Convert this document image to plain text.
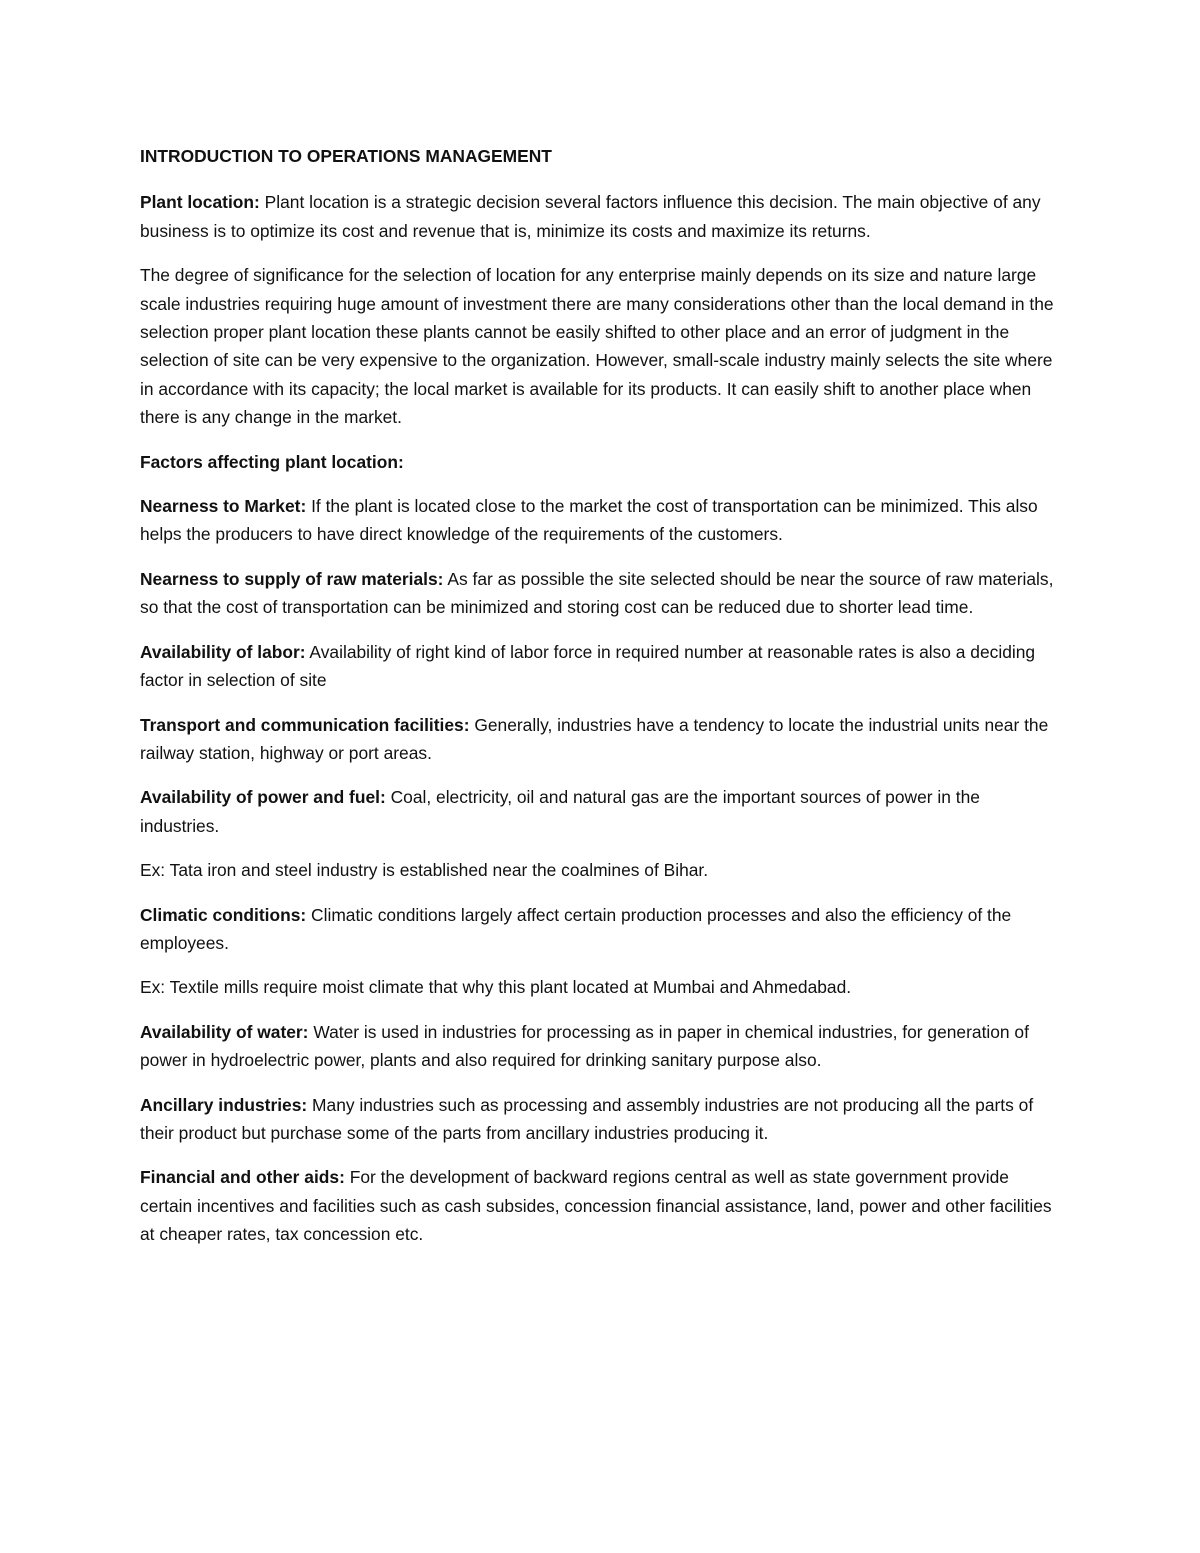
INTRODUCTION TO OPERATIONS MANAGEMENT

Plant location: Plant location is a strategic decision several factors influence this decision. The main objective of any business is to optimize its cost and revenue that is, minimize its costs and maximize its returns.

The degree of significance for the selection of location for any enterprise mainly depends on its size and nature large scale industries requiring huge amount of investment there are many considerations other than the local demand in the selection proper plant location these plants cannot be easily shifted to other place and an error of judgment in the selection of site can be very expensive to the organization. However, small-scale industry mainly selects the site where in accordance with its capacity; the local market is available for its products. It can easily shift to another place when there is any change in the market.

Factors affecting plant location:

Nearness to Market: If the plant is located close to the market the cost of transportation can be minimized. This also helps the producers to have direct knowledge of the requirements of the customers.

Nearness to supply of raw materials: As far as possible the site selected should be near the source of raw materials, so that the cost of transportation can be minimized and storing cost can be reduced due to shorter lead time.

Availability of labor: Availability of right kind of labor force in required number at reasonable rates is also a deciding factor in selection of site

Transport and communication facilities: Generally, industries have a tendency to locate the industrial units near the railway station, highway or port areas.

Availability of power and fuel: Coal, electricity, oil and natural gas are the important sources of power in the industries.

Ex: Tata iron and steel industry is established near the coalmines of Bihar.

Climatic conditions: Climatic conditions largely affect certain production processes and also the efficiency of the employees.

Ex: Textile mills require moist climate that why this plant located at Mumbai and Ahmedabad.

Availability of water: Water is used in industries for processing as in paper in chemical industries, for generation of power in hydroelectric power, plants and also required for drinking sanitary purpose also.

Ancillary industries: Many industries such as processing and assembly industries are not producing all the parts of their product but purchase some of the parts from ancillary industries producing it.

Financial and other aids: For the development of backward regions central as well as state government provide certain incentives and facilities such as cash subsides, concession financial assistance, land, power and other facilities at cheaper rates, tax concession etc.
